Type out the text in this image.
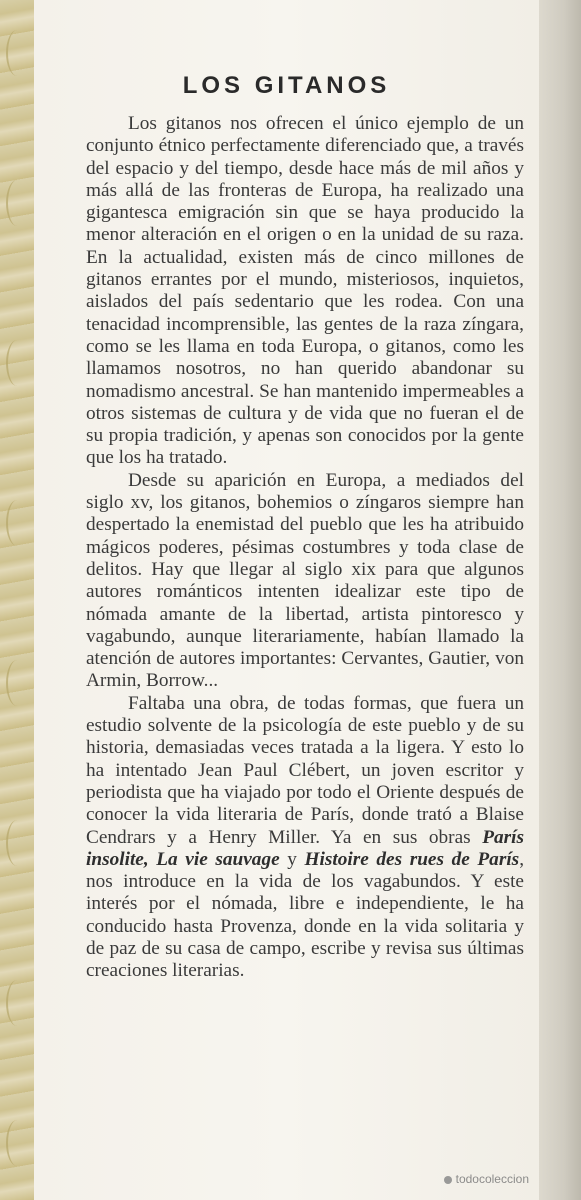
LOS GITANOS

Los gitanos nos ofrecen el único ejemplo de un conjunto étnico perfectamente diferenciado que, a través del espacio y del tiempo, desde hace más de mil años y más allá de las fronteras de Europa, ha realizado una gigantesca emigración sin que se haya producido la menor alteración en el origen o en la unidad de su raza. En la actualidad, existen más de cinco millones de gitanos errantes por el mundo, misteriosos, inquietos, aislados del país sedentario que les rodea. Con una tenacidad incomprensible, las gentes de la raza zíngara, como se les llama en toda Europa, o gitanos, como les llamamos nosotros, no han querido abandonar su nomadismo ancestral. Se han mantenido impermeables a otros sistemas de cultura y de vida que no fueran el de su propia tradición, y apenas son conocidos por la gente que los ha tratado.

Desde su aparición en Europa, a mediados del siglo xv, los gitanos, bohemios o zíngaros siempre han despertado la enemistad del pueblo que les ha atribuido mágicos poderes, pésimas costumbres y toda clase de delitos. Hay que llegar al siglo xix para que algunos autores románticos intenten idealizar este tipo de nómada amante de la libertad, artista pintoresco y vagabundo, aunque literariamente, habían llamado la atención de autores importantes: Cervantes, Gautier, von Armin, Borrow...

Faltaba una obra, de todas formas, que fuera un estudio solvente de la psicología de este pueblo y de su historia, demasiadas veces tratada a la ligera. Y esto lo ha intentado Jean Paul Clébert, un joven escritor y periodista que ha viajado por todo el Oriente después de conocer la vida literaria de París, donde trató a Blaise Cendrars y a Henry Miller. Ya en sus obras París insolite, La vie sauvage y Histoire des rues de París, nos introduce en la vida de los vagabundos. Y este interés por el nómada, libre e independiente, le ha conducido hasta Provenza, donde en la vida solitaria y de paz de su casa de campo, escribe y revisa sus últimas creaciones literarias.

todocoleccion
